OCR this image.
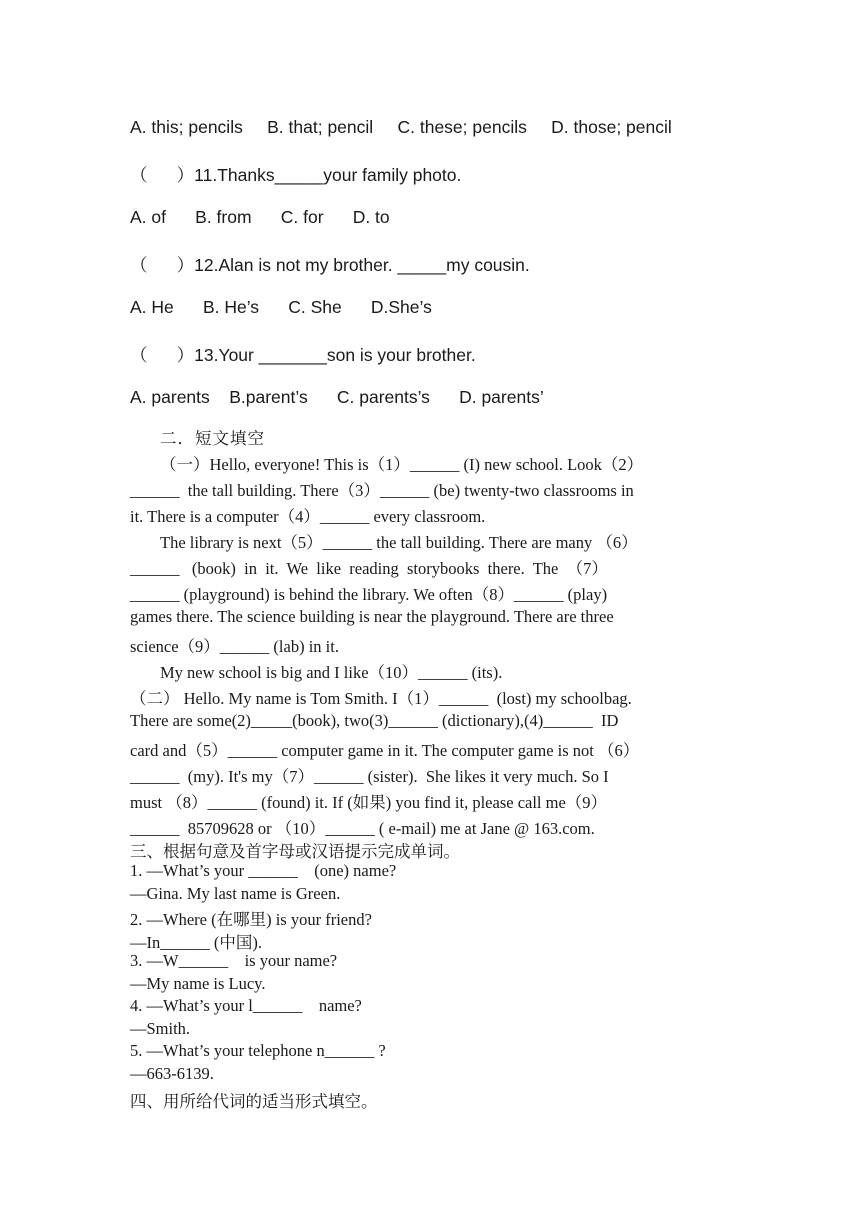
A. this; pencils     B. that; pencil     C. these; pencils     D. those; pencil
（      ）11.Thanks_____your family photo.
A. of      B. from      C. for      D. to
（      ）12.Alan is not my brother. _____my cousin.
A. He      B. He’s      C. She      D.She’s
（      ）13.Your _______son is your brother.
A. parents    B.parent’s      C. parents’s      D. parents’
二．短文填空
（一）Hello, everyone! This is（1）______ (I) new school. Look（2）
______  the tall building. There（3）______ (be) twenty-two classrooms in
it. There is a computer（4）______ every classroom.
The library is next（5）______ the tall building. There are many （6）
______   (book)  in  it.  We  like  reading  storybooks  there.  The  （7）
______ (playground) is behind the library. We often（8）______ (play)
games there. The science building is near the playground. There are three
science（9）______ (lab) in it.
My new school is big and I like（10）______ (its).
（二） Hello. My name is Tom Smith. I（1）______  (lost) my schoolbag.
There are some(2)_____(book), two(3)______ (dictionary),(4)______  ID
card and（5）______ computer game in it. The computer game is not （6）
______  (my). It's my（7）______ (sister).  She likes it very much. So I
must （8）______ (found) it. If (如果) you find it, please call me（9）
______  85709628 or （10）______ ( e-mail) me at Jane @ 163.com.
三、根据句意及首字母或汉语提示完成单词。
1. —What’s your ______    (one) name?
—Gina. My last name is Green.
2. —Where (在哪里) is your friend?
—In______ (中国).
3. —W______    is your name?
—My name is Lucy.
4. —What’s your l______    name?
—Smith.
5. —What’s your telephone n______ ?
—663-6139.
四、用所给代词的适当形式填空。
